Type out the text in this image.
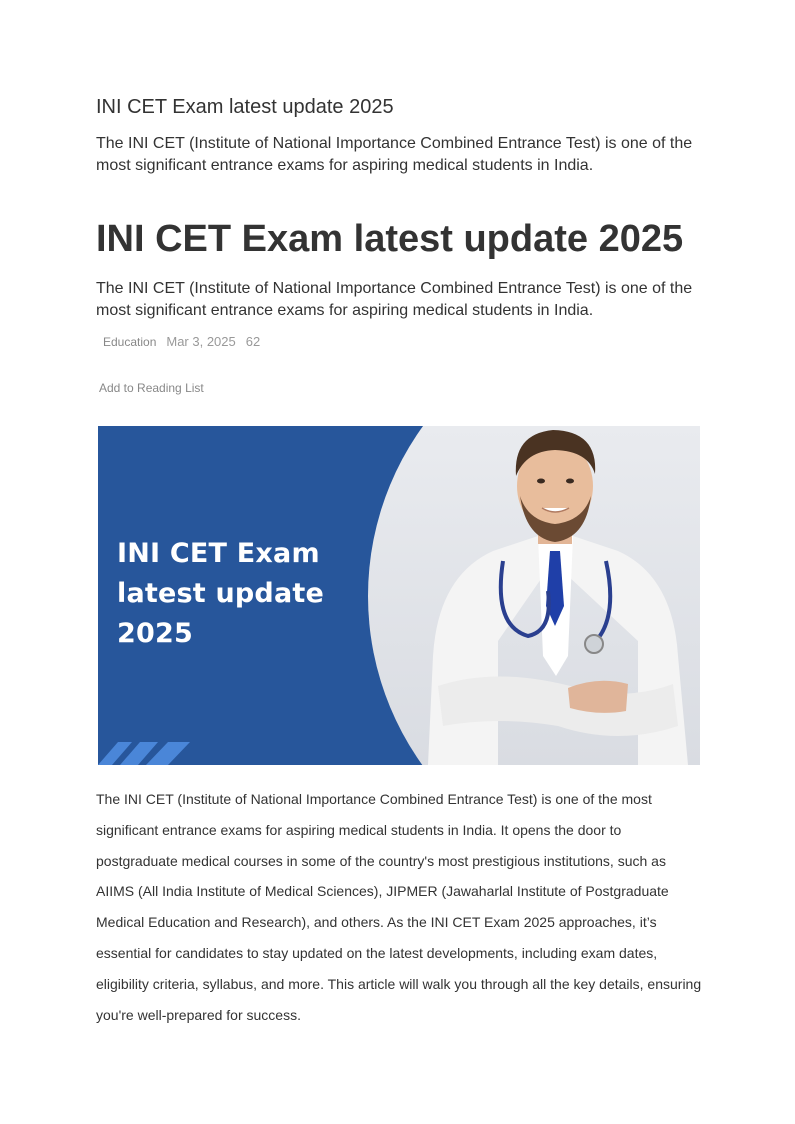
INI CET Exam latest update 2025

The INI CET (Institute of National Importance Combined Entrance Test) is one of the most significant entrance exams for aspiring medical students in India.

INI CET Exam latest update 2025

The INI CET (Institute of National Importance Combined Entrance Test) is one of the most significant entrance exams for aspiring medical students in India.

Education Mar 3, 2025 62
Add to Reading List
INI CET Exam
latest update
2025

The INI CET (Institute of National Importance Combined Entrance Test) is one of the most significant entrance exams for aspiring medical students in India. It opens the door to postgraduate medical courses in some of the country's most prestigious institutions, such as AIIMS (All India Institute of Medical Sciences), JIPMER (Jawaharlal Institute of Postgraduate Medical Education and Research), and others. As the INI CET Exam 2025 approaches, it’s essential for candidates to stay updated on the latest developments, including exam dates, eligibility criteria, syllabus, and more. This article will walk you through all the key details, ensuring you're well-prepared for success.
